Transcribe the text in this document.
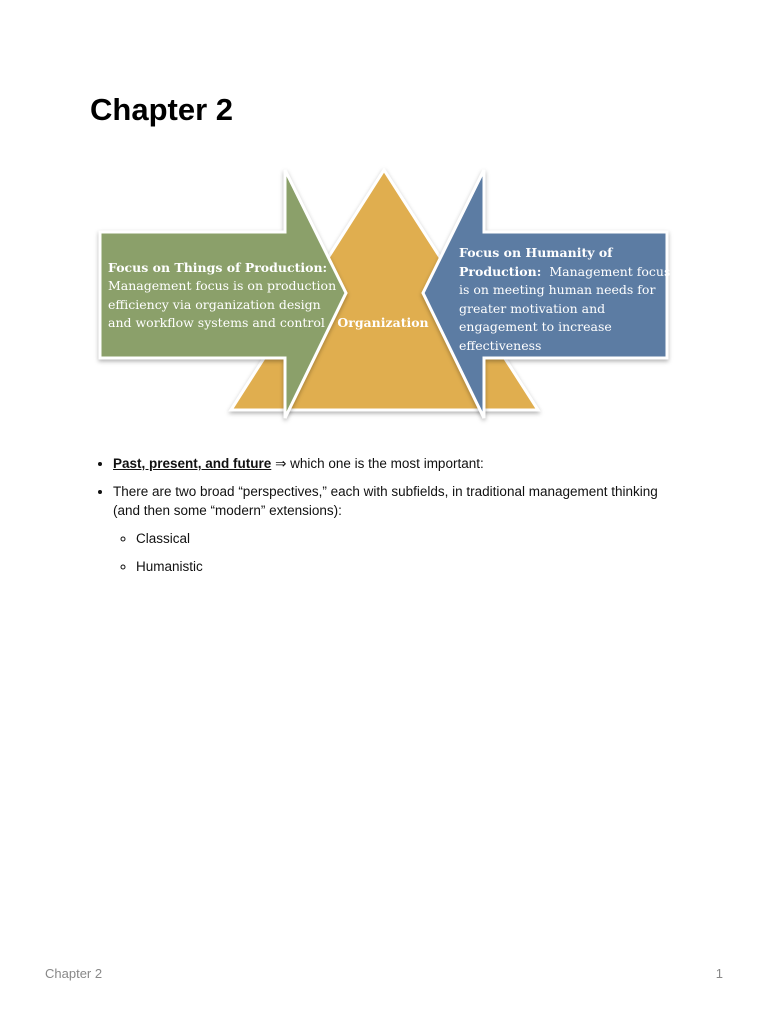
Chapter 2
Focus on Things of Production:
Management focus is on production
efficiency via organization design
and workflow systems and control Organization
Focus on Humanity of
Production: Management focus
is on meeting human needs for
greater motivation and
engagement to increase
effectiveness
• Past, present, and future ⇒ which one is the most important:
• There are two broad “perspectives,” each with subfields, in traditional management thinking (and then some “modern” extensions):
◦ Classical
◦ Humanistic
Chapter 2	1
